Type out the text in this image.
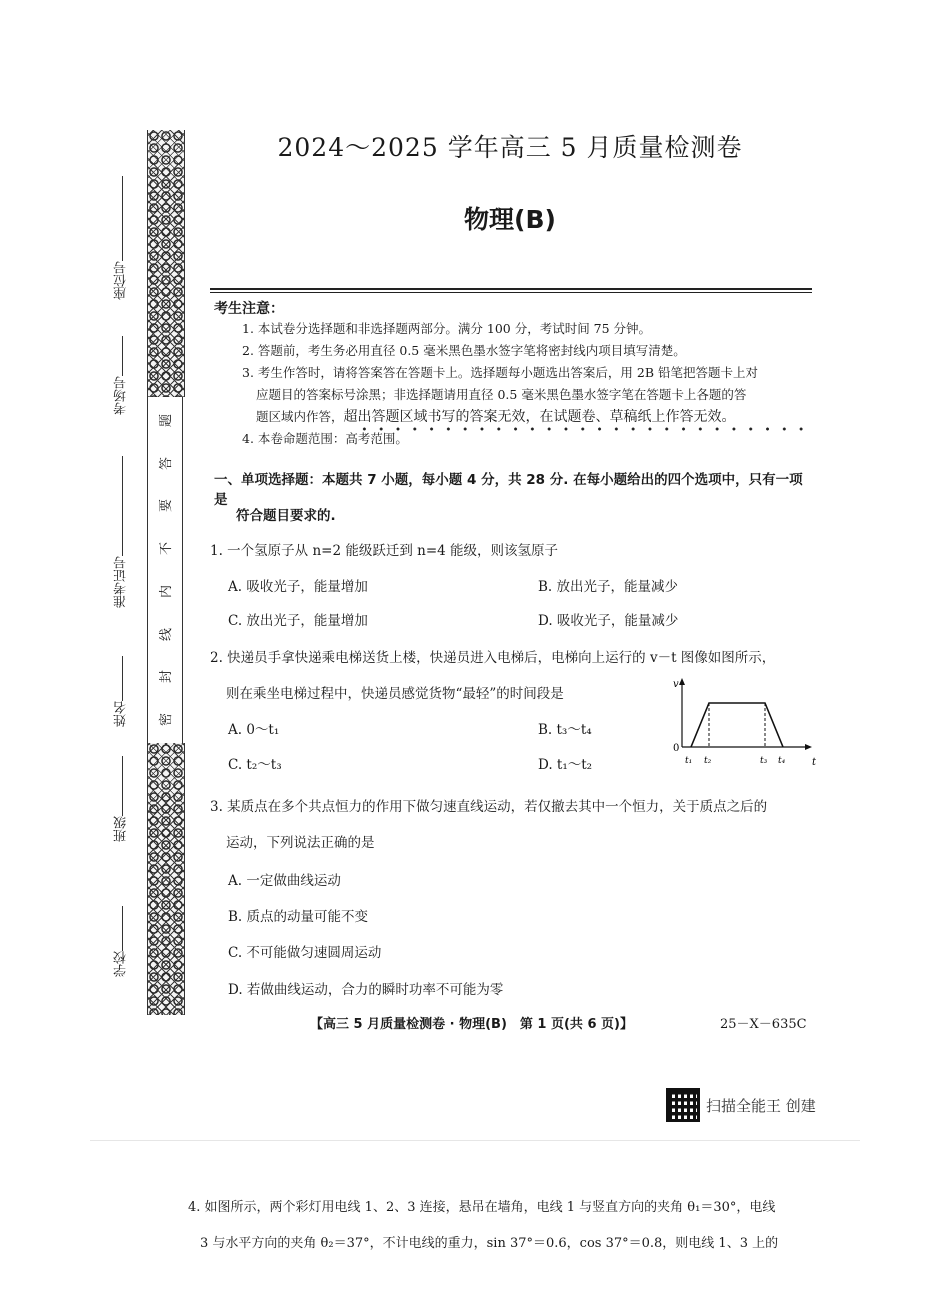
座位号
考场号
准考证号
姓名
班级
学校
题
答
要
不
内
线
封
密
2024～2025 学年高三 5 月质量检测卷
物理(B)
考生注意：
1. 本试卷分选择题和非选择题两部分。满分 100 分，考试时间 75 分钟。
2. 答题前，考生务必用直径 0.5 毫米黑色墨水签字笔将密封线内项目填写清楚。
3. 考生作答时，请将答案答在答题卡上。选择题每小题选出答案后，用 2B 铅笔把答题卡上对
应题目的答案标号涂黑；非选择题请用直径 0.5 毫米黑色墨水签字笔在答题卡上各题的答
题区域内作答，超出答题区域书写的答案无效，在试题卷、草稿纸上作答无效。
4. 本卷命题范围：高考范围。
一、单项选择题：本题共 7 小题，每小题 4 分，共 28 分. 在每小题给出的四个选项中，只有一项是
符合题目要求的.
1. 一个氢原子从 n=2 能级跃迁到 n=4 能级，则该氢原子
A. 吸收光子，能量增加	B. 放出光子，能量减少
C. 放出光子，能量增加	D. 吸收光子，能量减少
2. 快递员手拿快递乘电梯送货上楼，快递员进入电梯后，电梯向上运行的 v－t 图像如图所示，
则在乘坐电梯过程中，快递员感觉货物“最轻”的时间段是
A. 0～t₁	B. t₃～t₄
C. t₂～t₃	D. t₁～t₂
v
0
t
t₁ t₂	t₃ t₄
3. 某质点在多个共点恒力的作用下做匀速直线运动，若仅撤去其中一个恒力，关于质点之后的
运动，下列说法正确的是
A. 一定做曲线运动
B. 质点的动量可能不变
C. 不可能做匀速圆周运动
D. 若做曲线运动，合力的瞬时功率不可能为零
【高三 5 月质量检测卷 · 物理(B)　第 1 页(共 6 页)】	25－X－635C
扫描全能王 创建
4. 如图所示，两个彩灯用电线 1、2、3 连接，悬吊在墙角，电线 1 与竖直方向的夹角 θ₁＝30°，电线
3 与水平方向的夹角 θ₂＝37°，不计电线的重力，sin 37°＝0.6，cos 37°＝0.8，则电线 1、3 上的
